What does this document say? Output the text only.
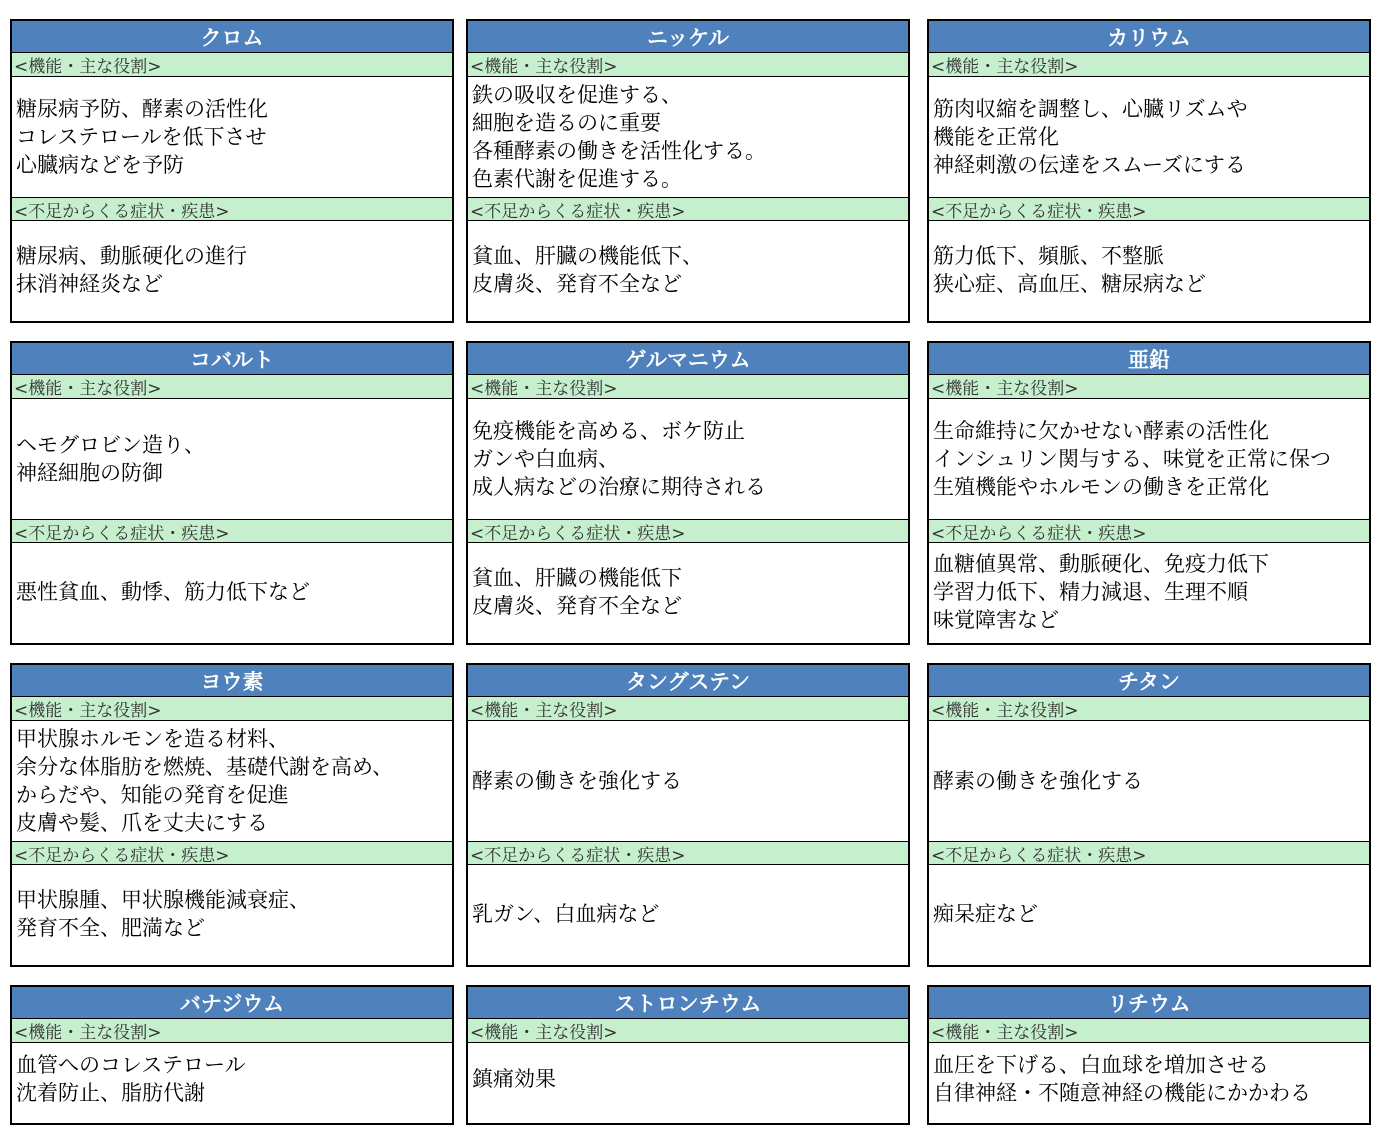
クロム
<機能・主な役割>
糖尿病予防、酵素の活性化
コレステロールを低下させ
心臓病などを予防
<不足からくる症状・疾患>
糖尿病、動脈硬化の進行
抹消神経炎など
ニッケル
<機能・主な役割>
鉄の吸収を促進する、
細胞を造るのに重要
各種酵素の働きを活性化する。
色素代謝を促進する。
<不足からくる症状・疾患>
貧血、肝臓の機能低下、
皮膚炎、発育不全など
カリウム
<機能・主な役割>
筋肉収縮を調整し、心臓リズムや
機能を正常化
神経刺激の伝達をスムーズにする
<不足からくる症状・疾患>
筋力低下、頻脈、不整脈
狭心症、高血圧、糖尿病など
コバルト
<機能・主な役割>
ヘモグロビン造り、
神経細胞の防御
<不足からくる症状・疾患>
悪性貧血、動悸、筋力低下など
ゲルマニウム
<機能・主な役割>
免疫機能を高める、ボケ防止
ガンや白血病、
成人病などの治療に期待される
<不足からくる症状・疾患>
貧血、肝臓の機能低下
皮膚炎、発育不全など
亜鉛
<機能・主な役割>
生命維持に欠かせない酵素の活性化
インシュリン関与する、味覚を正常に保つ
生殖機能やホルモンの働きを正常化
<不足からくる症状・疾患>
血糖値異常、動脈硬化、免疫力低下
学習力低下、精力減退、生理不順
味覚障害など
ヨウ素
<機能・主な役割>
甲状腺ホルモンを造る材料、
余分な体脂肪を燃焼、基礎代謝を高め、
からだや、知能の発育を促進
皮膚や髪、爪を丈夫にする
<不足からくる症状・疾患>
甲状腺腫、甲状腺機能減衰症、
発育不全、肥満など
タングステン
<機能・主な役割>
酵素の働きを強化する
<不足からくる症状・疾患>
乳ガン、白血病など
チタン
<機能・主な役割>
酵素の働きを強化する
<不足からくる症状・疾患>
痴呆症など
バナジウム
<機能・主な役割>
血管へのコレステロール
沈着防止、脂肪代謝
ストロンチウム
<機能・主な役割>
鎮痛効果
リチウム
<機能・主な役割>
血圧を下げる、白血球を増加させる
自律神経・不随意神経の機能にかかわる
